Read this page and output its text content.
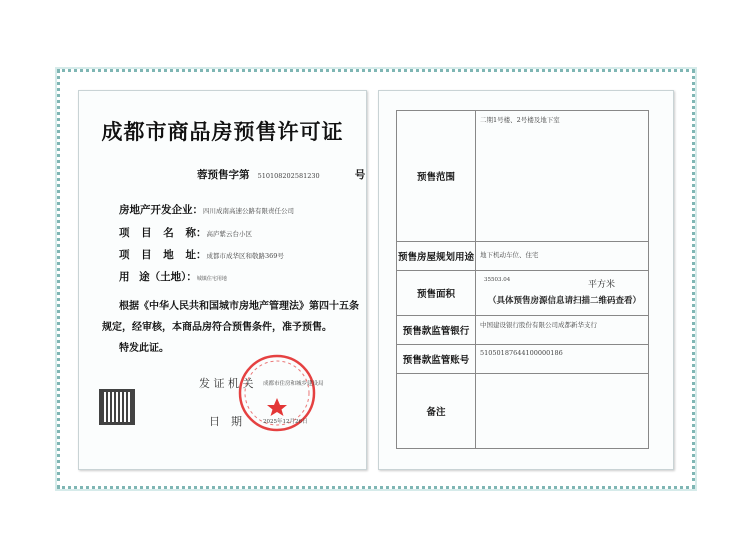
成都市商品房预售许可证
蓉预售字第 510108202581230	号
房地产开发企业：四川成南高速公路有限责任公司
项 目 名 称：高庐紫云台小区
项 目 地 址：成都市成华区和敬路369号
用 途（土地）：城镇住宅用地
根据《中华人民共和国城市房地产管理法》第四十五条
规定，经审核，本商品房符合预售条件，准予预售。
特发此证。
发 证 机 关 成都市住房和城乡建设局
日　期	2025年12月26日
预售范围	二期1号楼、2号楼及地下室
预售房屋规划用途	地下机动车位、住宅
预售面积	35503.04 平方米
（具体预售房源信息请扫描二维码查看）

预售款监管银行	中国建设银行股份有限公司成都新华支行
预售款监管账号	51050187644100000186
备注	
